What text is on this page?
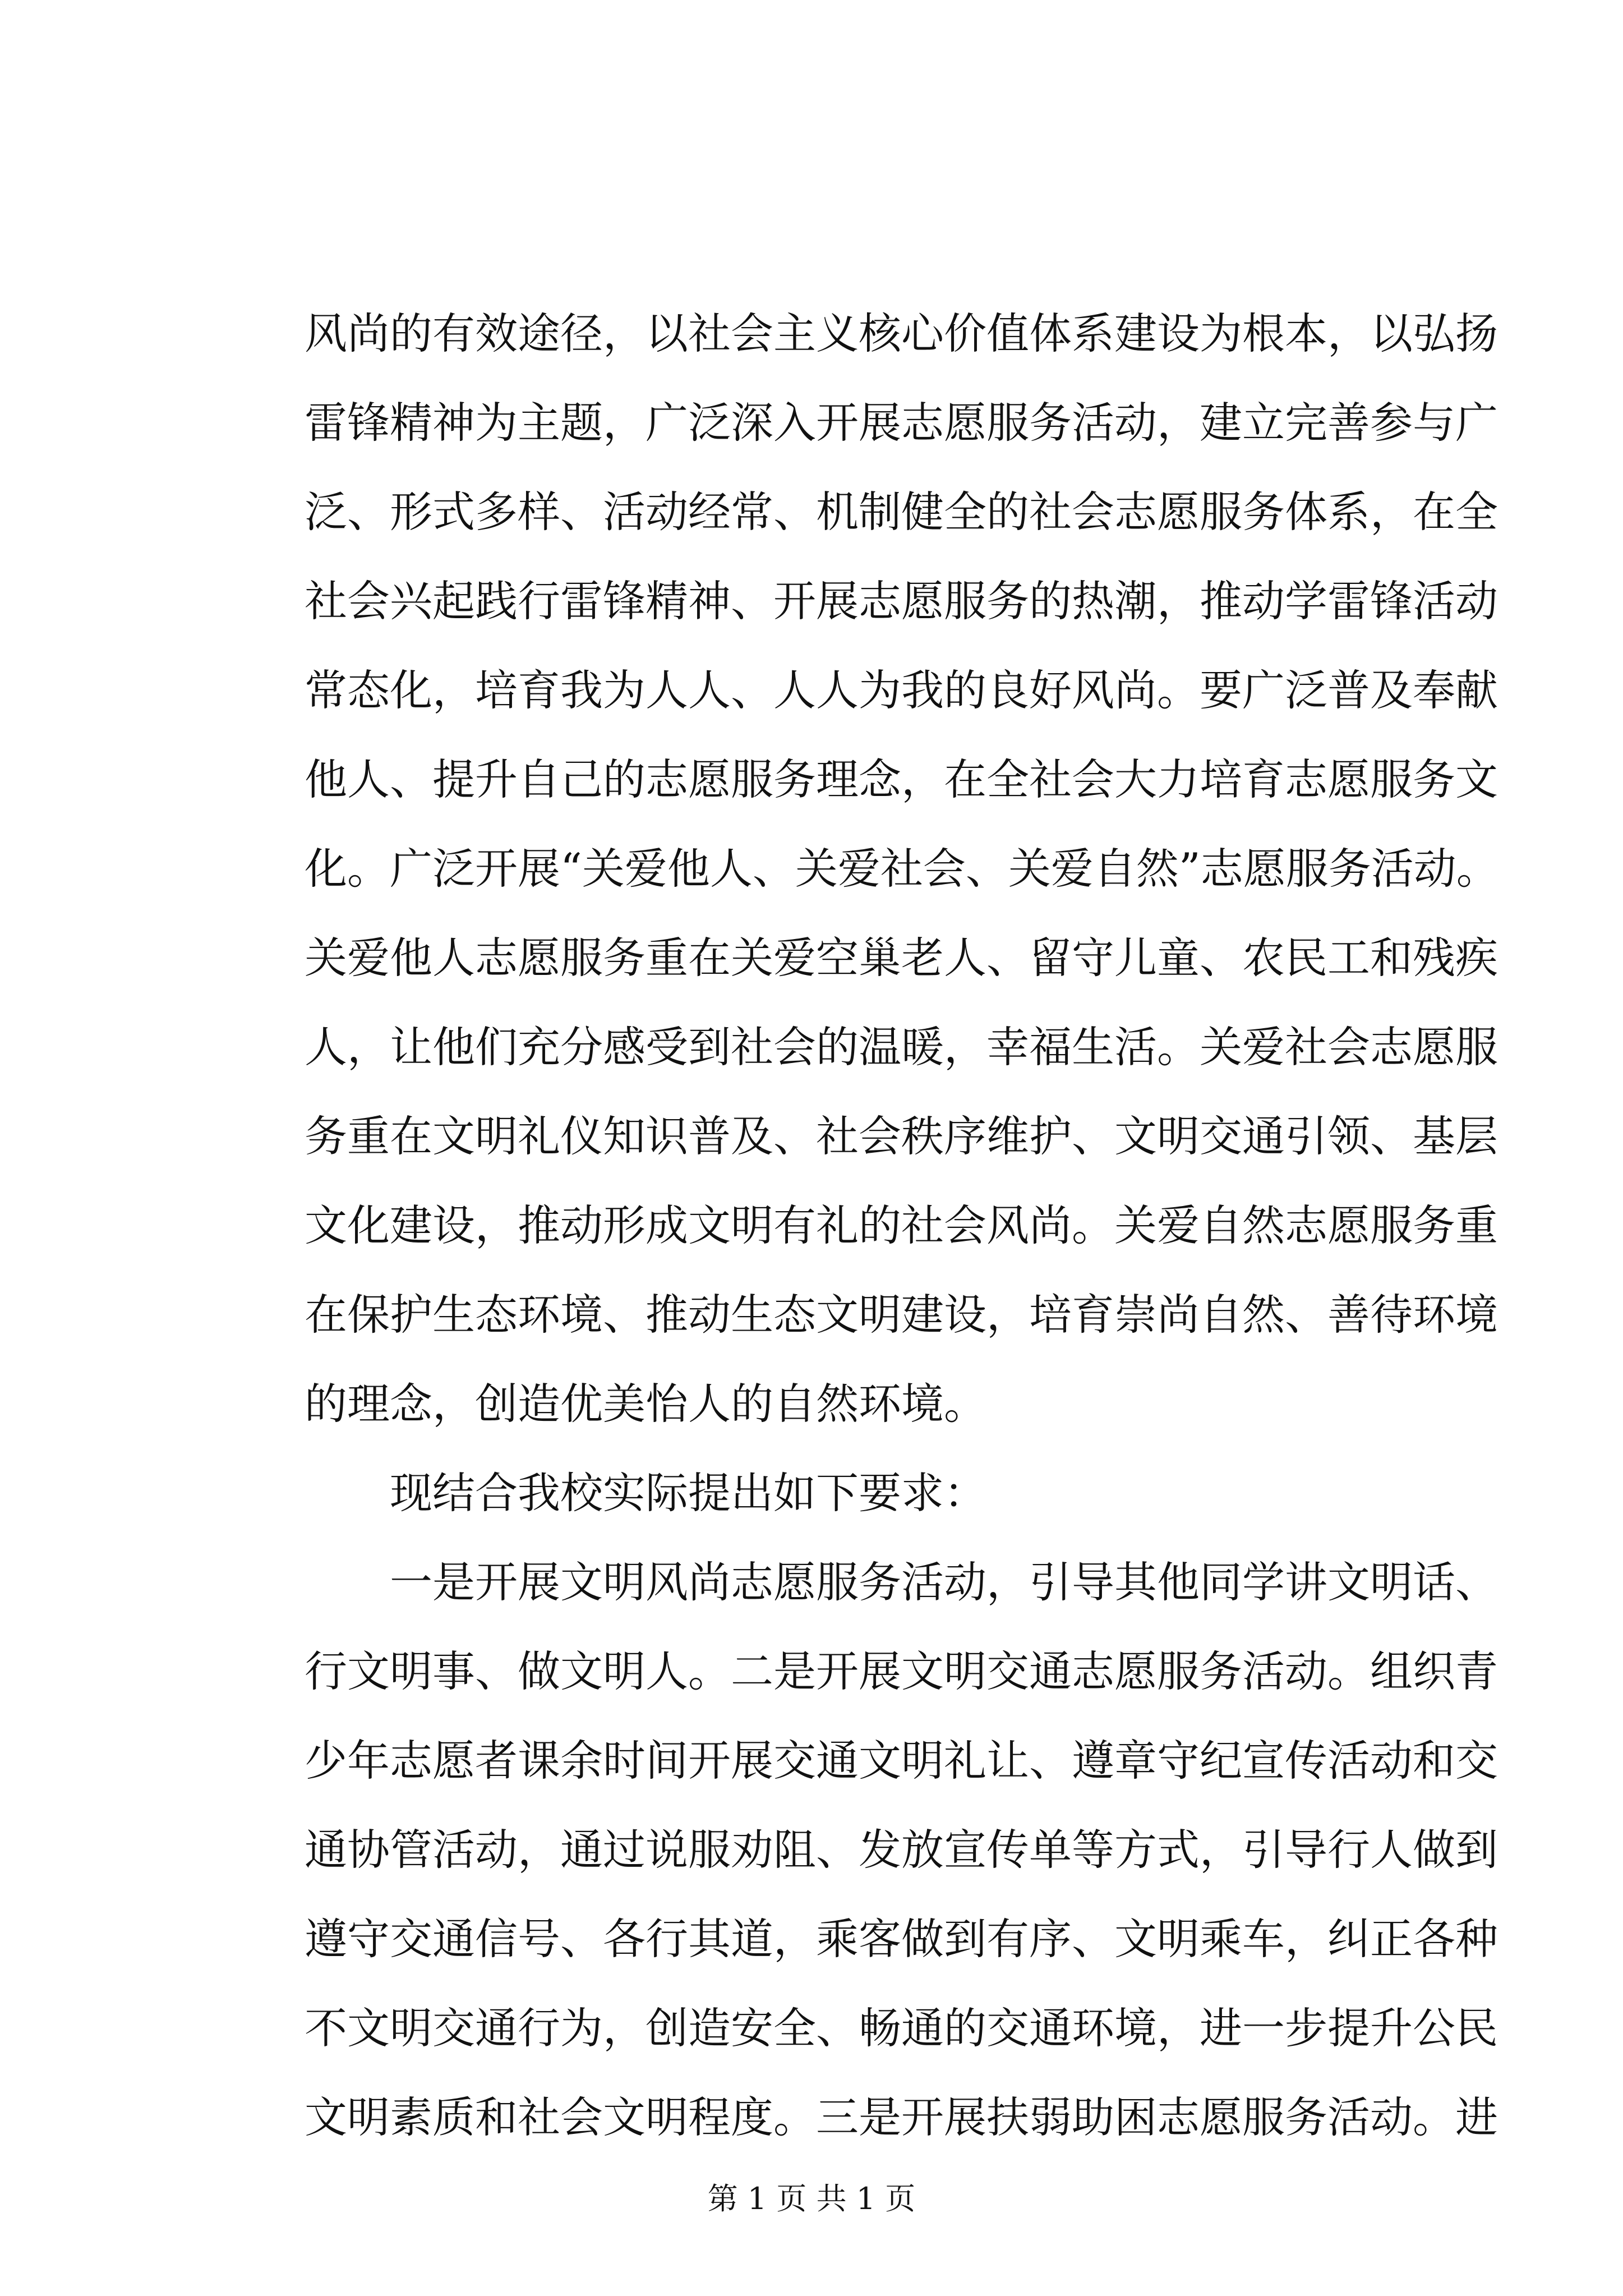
风尚的有效途径，以社会主义核心价值体系建设为根本，以弘扬
雷锋精神为主题，广泛深入开展志愿服务活动，建立完善参与广
泛、形式多样、活动经常、机制健全的社会志愿服务体系，在全
社会兴起践行雷锋精神、开展志愿服务的热潮，推动学雷锋活动
常态化，培育我为人人、人人为我的良好风尚。要广泛普及奉献
他人、提升自己的志愿服务理念，在全社会大力培育志愿服务文
化。广泛开展“关爱他人、关爱社会、关爱自然”志愿服务活动。
关爱他人志愿服务重在关爱空巢老人、留守儿童、农民工和残疾
人，让他们充分感受到社会的温暖，幸福生活。关爱社会志愿服
务重在文明礼仪知识普及、社会秩序维护、文明交通引领、基层
文化建设，推动形成文明有礼的社会风尚。关爱自然志愿服务重
在保护生态环境、推动生态文明建设，培育崇尚自然、善待环境
的理念，创造优美怡人的自然环境。
　　现结合我校实际提出如下要求：
　　一是开展文明风尚志愿服务活动，引导其他同学讲文明话、
行文明事、做文明人。二是开展文明交通志愿服务活动。组织青
少年志愿者课余时间开展交通文明礼让、遵章守纪宣传活动和交
通协管活动，通过说服劝阻、发放宣传单等方式，引导行人做到
遵守交通信号、各行其道，乘客做到有序、文明乘车，纠正各种
不文明交通行为，创造安全、畅通的交通环境，进一步提升公民
文明素质和社会文明程度。三是开展扶弱助困志愿服务活动。进
第 1 页 共 1 页
